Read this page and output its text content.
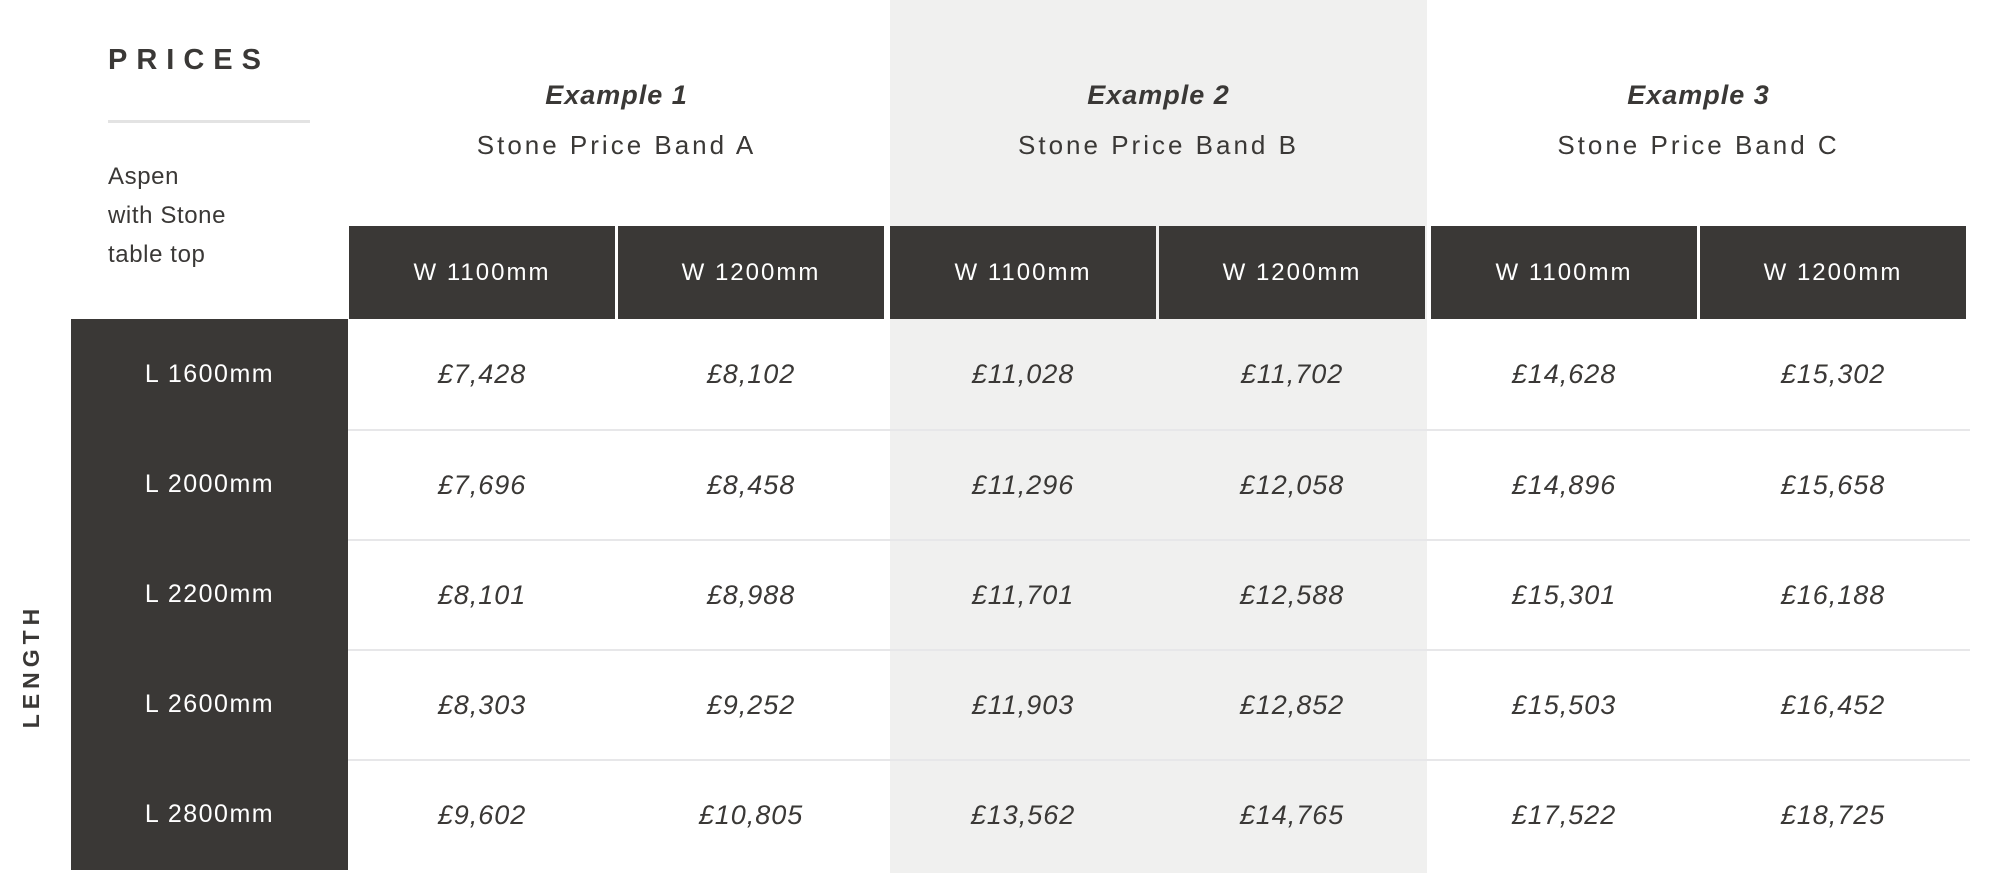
PRICES
Aspen
with Stone
table top
LENGTH
Example 1
Stone Price Band A
Example 2
Stone Price Band B
Example 3
Stone Price Band C
W 1100mm	W 1200mm	W 1100mm	W 1200mm	W 1100mm	W 1200mm
L 1600mm	£7,428	£8,102	£11,028	£11,702	£14,628	£15,302
L 2000mm	£7,696	£8,458	£11,296	£12,058	£14,896	£15,658
L 2200mm	£8,101	£8,988	£11,701	£12,588	£15,301	£16,188
L 2600mm	£8,303	£9,252	£11,903	£12,852	£15,503	£16,452
L 2800mm	£9,602	£10,805	£13,562	£14,765	£17,522	£18,725
